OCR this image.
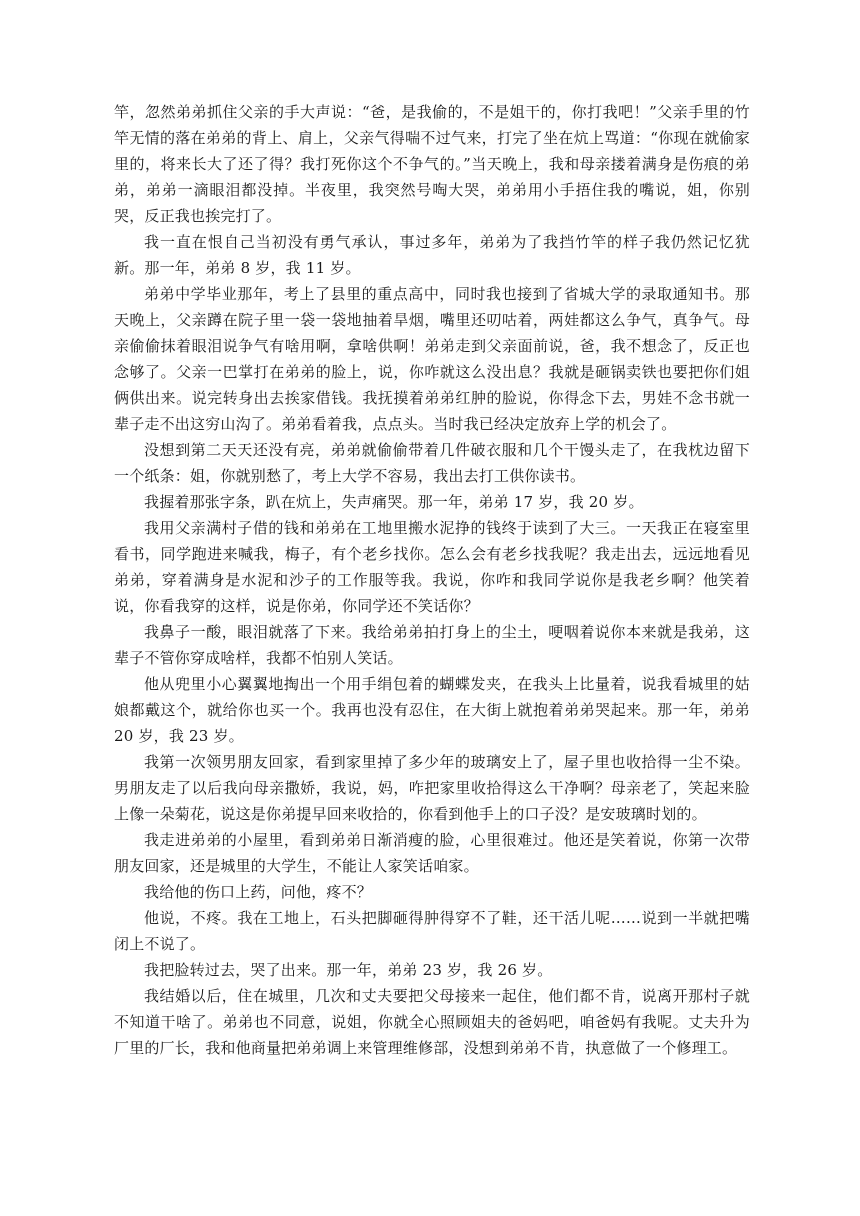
竿，忽然弟弟抓住父亲的手大声说：“爸，是我偷的，不是姐干的，你打我吧！”父亲手里的竹竿无情的落在弟弟的背上、肩上，父亲气得喘不过气来，打完了坐在炕上骂道：“你现在就偷家里的，将来长大了还了得？我打死你这个不争气的。”当天晚上，我和母亲搂着满身是伤痕的弟弟，弟弟一滴眼泪都没掉。半夜里，我突然号啕大哭，弟弟用小手捂住我的嘴说，姐，你别哭，反正我也挨完打了。

我一直在恨自己当初没有勇气承认，事过多年，弟弟为了我挡竹竿的样子我仍然记忆犹新。那一年，弟弟 8 岁，我 11 岁。

弟弟中学毕业那年，考上了县里的重点高中，同时我也接到了省城大学的录取通知书。那天晚上，父亲蹲在院子里一袋一袋地抽着旱烟，嘴里还叨咕着，两娃都这么争气，真争气。母亲偷偷抹着眼泪说争气有啥用啊，拿啥供啊！弟弟走到父亲面前说，爸，我不想念了，反正也念够了。父亲一巴掌打在弟弟的脸上，说，你咋就这么没出息？我就是砸锅卖铁也要把你们姐俩供出来。说完转身出去挨家借钱。我抚摸着弟弟红肿的脸说，你得念下去，男娃不念书就一辈子走不出这穷山沟了。弟弟看着我，点点头。当时我已经决定放弃上学的机会了。

没想到第二天天还没有亮，弟弟就偷偷带着几件破衣服和几个干馒头走了，在我枕边留下一个纸条：姐，你就别愁了，考上大学不容易，我出去打工供你读书。

我握着那张字条，趴在炕上，失声痛哭。那一年，弟弟 17 岁，我 20 岁。

我用父亲满村子借的钱和弟弟在工地里搬水泥挣的钱终于读到了大三。一天我正在寝室里看书，同学跑进来喊我，梅子，有个老乡找你。怎么会有老乡找我呢？我走出去，远远地看见弟弟，穿着满身是水泥和沙子的工作服等我。我说，你咋和我同学说你是我老乡啊？他笑着说，你看我穿的这样，说是你弟，你同学还不笑话你？

我鼻子一酸，眼泪就落了下来。我给弟弟拍打身上的尘土，哽咽着说你本来就是我弟，这辈子不管你穿成啥样，我都不怕别人笑话。

他从兜里小心翼翼地掏出一个用手绢包着的蝴蝶发夹，在我头上比量着，说我看城里的姑娘都戴这个，就给你也买一个。我再也没有忍住，在大街上就抱着弟弟哭起来。那一年，弟弟 20 岁，我 23 岁。

我第一次领男朋友回家，看到家里掉了多少年的玻璃安上了，屋子里也收拾得一尘不染。男朋友走了以后我向母亲撒娇，我说，妈，咋把家里收拾得这么干净啊？母亲老了，笑起来脸上像一朵菊花，说这是你弟提早回来收拾的，你看到他手上的口子没？是安玻璃时划的。

我走进弟弟的小屋里，看到弟弟日渐消瘦的脸，心里很难过。他还是笑着说，你第一次带朋友回家，还是城里的大学生，不能让人家笑话咱家。

我给他的伤口上药，问他，疼不？

他说，不疼。我在工地上，石头把脚砸得肿得穿不了鞋，还干活儿呢……说到一半就把嘴闭上不说了。

我把脸转过去，哭了出来。那一年，弟弟 23 岁，我 26 岁。

我结婚以后，住在城里，几次和丈夫要把父母接来一起住，他们都不肯，说离开那村子就不知道干啥了。弟弟也不同意，说姐，你就全心照顾姐夫的爸妈吧，咱爸妈有我呢。丈夫升为厂里的厂长，我和他商量把弟弟调上来管理维修部，没想到弟弟不肯，执意做了一个修理工。
